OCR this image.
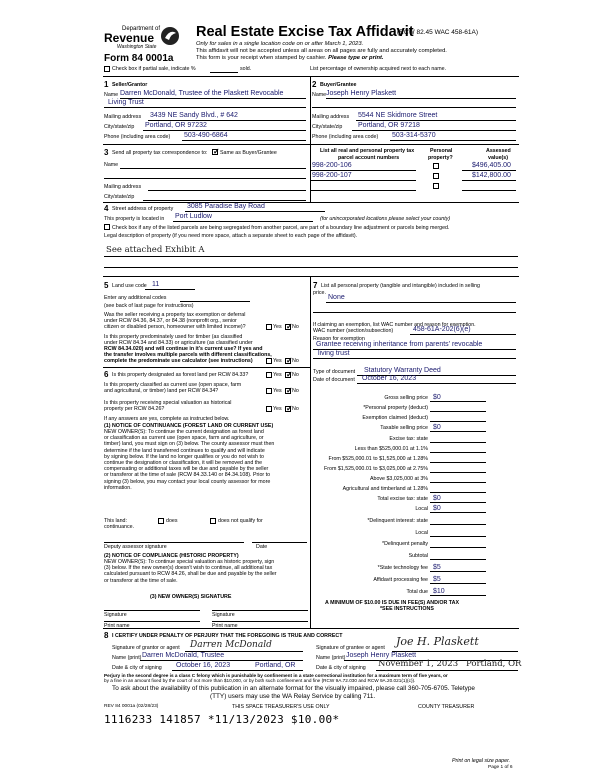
Department of
Revenue
Washington State
Form 84 0001a
Real Estate Excise Tax Affidavit
(RCW 82.45 WAC 458-61A)
Only for sales in a single location code on or after March 1, 2023.
This affidavit will not be accepted unless all areas on all pages are fully and accurately completed.
This form is your receipt when stamped by cashier. Please type or print.
Check box if partial sale, indicate %	sold.	List percentage of ownership acquired next to each name.
1 Seller/Grantor
Name Darren McDonald, Trustee of the Plaskett Revocable
Living Trust
Mailing address 3439 NE Sandy Blvd., # 642
City/state/zip Portland, OR 97232
Phone (including area code) 503-490-6864
2 Buyer/Grantee
Name Joseph Henry Plaskett
Mailing address 5544 NE Skidmore Street
City/state/zip Portland, OR 97218
Phone (including area code) 503-314-5370
3 Send all property tax correspondence to: ✓ Same as Buyer/Grantee
Name
Mailing address
City/state/zip
List all real and personal property tax
parcel account numbers
Personal
property?
Assessed
value(s)
998-200-106	$496,405.00
998-200-107	$142,800.00
4 Street address of property 3085 Paradise Bay Road
This property is located in Port Ludlow	(for unincorporated locations please select your county)
Check box if any of the listed parcels are being segregated from another parcel, are part of a boundary line adjustment or parcels being merged.
Legal description of property (if you need more space, attach a separate sheet to each page of the affidavit).
See attached Exhibit A
5 Land use code 11
Enter any additional codes
(see back of last page for instructions)
Was the seller receiving a property tax exemption or deferral
under RCW 84.36, 84.37, or 84.38 (nonprofit org., senior
citizen or disabled person, homeowner with limited income)?	Yes ✓ No
Is this property predominately used for timber (as classified
under RCW 84.34 and 84.33) or agriculture (as classified under
RCW 84.34.020) and will continue in it's current use? If yes and
the transfer involves multiple parcels with different classifications,
complete the predominate use calculator (see instructions)	Yes ✓ No
6 Is this property designated as forest land per RCW 84.33?	Yes ✓ No
Is this property classified as current use (open space, farm
and agricultural, or timber) land per RCW 84.34?	Yes ✓ No
Is this property receiving special valuation as historical
property per RCW 84.26?	Yes ✓ No
If any answers are yes, complete as instructed below.
(1) NOTICE OF CONTINUANCE (FOREST LAND OR CURRENT USE)
NEW OWNER(S): To continue the current designation as forest land
or classification as current use (open space, farm and agriculture, or
timber) land, you must sign on (3) below. The county assessor must then
determine if the land transferred continues to qualify and will indicate
by signing below. If the land no longer qualifies or you do not wish to
continue the designation or classification, it will be removed and the
compensating or additional taxes will be due and payable by the seller
or transferor at the time of sale (RCW 84.33.140 or 84.34.108). Prior to
signing (3) below, you may contact your local county assessor for more
information.
This land:	does	does not qualify for
continuance.
Deputy assessor signature	Date
(2) NOTICE OF COMPLIANCE (HISTORIC PROPERTY)
NEW OWNER(S): To continue special valuation as historic property, sign
(3) below. If the new owner(s) doesn't wish to continue, all additional tax
calculated pursuant to RCW 84.26, shall be due and payable by the seller
or transferor at the time of sale.
(3) NEW OWNER(S) SIGNATURE
Signature	Signature
Print name	Print name
7 List all personal property (tangible and intangible) included in selling
price.
None
If claiming an exemption, list WAC number and reason for exemption.
WAC number (section/subsection)	458-61A-202(6)(e)
Reason for exemption
Grantee receiving inheritance from parents' revocable
living trust
Type of document Statutory Warranty Deed
Date of document October 16, 2023
Gross selling price $0
*Personal property (deduct)
Exemption claimed (deduct)
Taxable selling price $0
Excise tax: state
Less than $525,000.01 at 1.1%
From $525,000.01 to $1,525,000 at 1.28%
From $1,525,000.01 to $3,025,000 at 2.75%
Above $3,025,000 at 3%
Agricultural and timberland at 1.28%
Total excise tax: state $0
Local $0
*Delinquent interest: state
Local
*Delinquent penalty
Subtotal
*State technology fee $5
Affidavit processing fee $5
Total due $10
A MINIMUM OF $10.00 IS DUE IN FEE(S) AND/OR TAX
*SEE INSTRUCTIONS
8 I CERTIFY UNDER PENALTY OF PERJURY THAT THE FOREGOING IS TRUE AND CORRECT
Signature of grantor or agent Darren McDonald
Name (print) Darren McDonald, Trustee
Date & city of signing October 16, 2023	Portland, OR
Signature of grantee or agent Joe H. Plaskett
Name (print) Joseph Henry Plaskett
Date & city of signing November 1, 2023 Portland, OR
Perjury in the second degree is a class C felony which is punishable by confinement in a state correctional institution for a maximum term of five years, or
by a fine in an amount fixed by the court of not more than $10,000, or by both such confinement and fine (RCW 9A.72.030 and RCW 9A.20.021(1)(c)).
To ask about the availability of this publication in an alternate format for the visually impaired, please call 360-705-6705. Teletype
(TTY) users may use the WA Relay Service by calling 711.
REV 84 0001a (02/28/23)	THIS SPACE TREASURER'S USE ONLY	COUNTY TREASURER
1116233 141857 *11/13/2023 $10.00*
Print on legal size paper.
Page 1 of 6
